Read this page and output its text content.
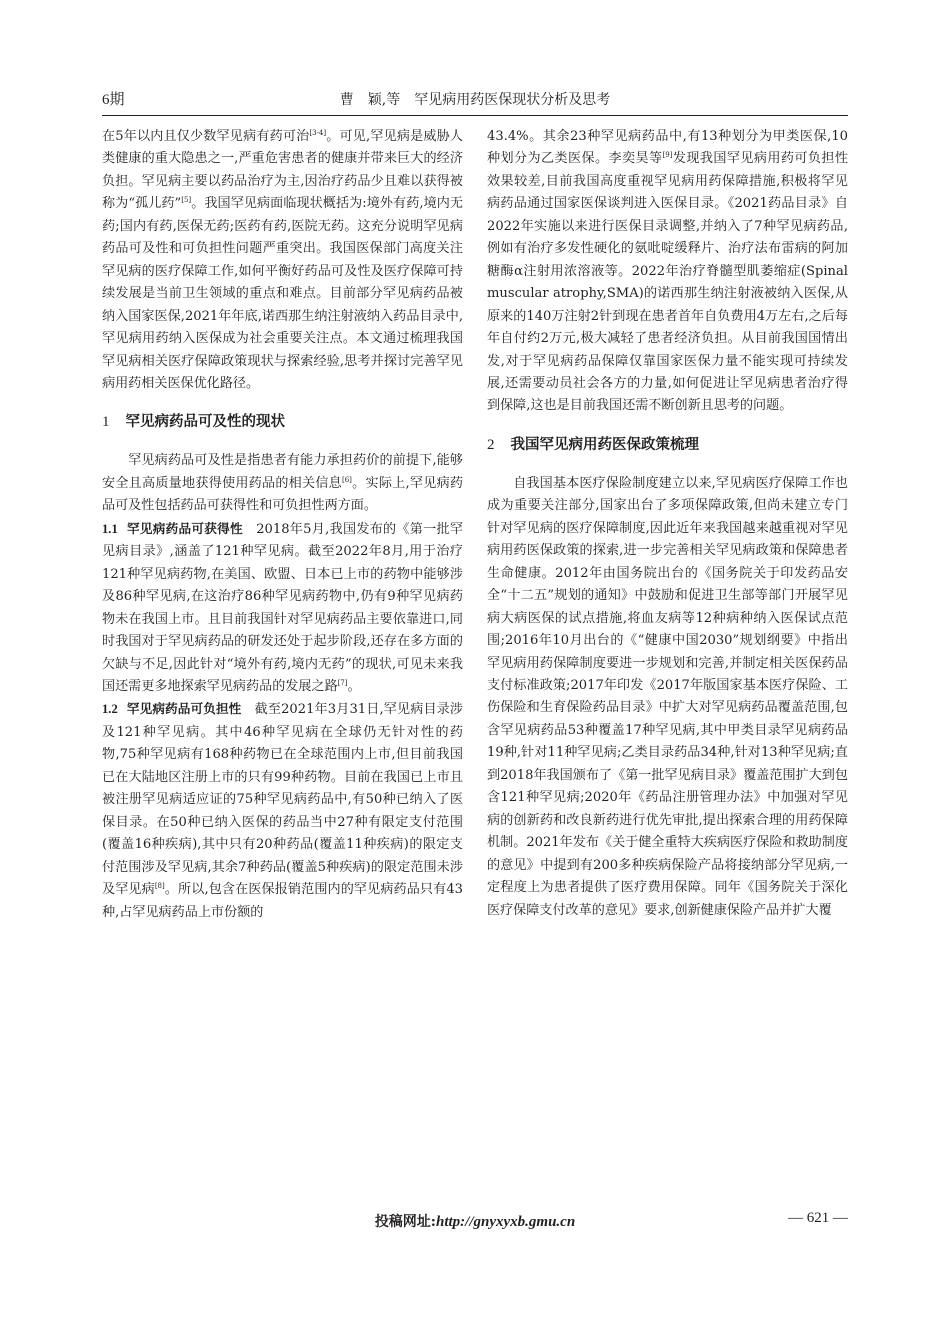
6期	曹　颖,等　罕见病用药医保现状分析及思考

在5年以内且仅少数罕见病有药可治[3-4]。可见,罕见病是威胁人类健康的重大隐患之一,严重危害患者的健康并带来巨大的经济负担。罕见病主要以药品治疗为主,因治疗药品少且难以获得被称为“孤儿药”[5]。我国罕见病面临现状概括为:境外有药,境内无药;国内有药,医保无药;医药有药,医院无药。这充分说明罕见病药品可及性和可负担性问题严重突出。我国医保部门高度关注罕见病的医疗保障工作,如何平衡好药品可及性及医疗保障可持续发展是当前卫生领域的重点和难点。目前部分罕见病药品被纳入国家医保,2021年年底,诺西那生纳注射液纳入药品目录中,罕见病用药纳入医保成为社会重要关注点。本文通过梳理我国罕见病相关医疗保障政策现状与探索经验,思考并探讨完善罕见病用药相关医保优化路径。

1 罕见病药品可及性的现状

罕见病药品可及性是指患者有能力承担药价的前提下,能够安全且高质量地获得使用药品的相关信息[6]。实际上,罕见病药品可及性包括药品可获得性和可负担性两方面。

1.1 罕见病药品可获得性　2018年5月,我国发布的《第一批罕见病目录》,涵盖了121种罕见病。截至2022年8月,用于治疗121种罕见病药物,在美国、欧盟、日本已上市的药物中能够涉及86种罕见病,在这治疗86种罕见病药物中,仍有9种罕见病药物未在我国上市。且目前我国针对罕见病药品主要依靠进口,同时我国对于罕见病药品的研发还处于起步阶段,还存在多方面的欠缺与不足,因此针对“境外有药,境内无药”的现状,可见未来我国还需更多地探索罕见病药品的发展之路[7]。

1.2 罕见病药品可负担性　截至2021年3月31日,罕见病目录涉及121种罕见病。其中46种罕见病在全球仍无针对性的药物,75种罕见病有168种药物已在全球范围内上市,但目前我国已在大陆地区注册上市的只有99种药物。目前在我国已上市且被注册罕见病适应证的75种罕见病药品中,有50种已纳入了医保目录。在50种已纳入医保的药品当中27种有限定支付范围(覆盖16种疾病),其中只有20种药品(覆盖11种疾病)的限定支付范围涉及罕见病,其余7种药品(覆盖5种疾病)的限定范围未涉及罕见病[8]。所以,包含在医保报销范围内的罕见病药品只有43种,占罕见病药品上市份额的

43.4%。其余23种罕见病药品中,有13种划分为甲类医保,10种划分为乙类医保。李奕昊等[9]发现我国罕见病用药可负担性效果较差,目前我国高度重视罕见病用药保障措施,积极将罕见病药品通过国家医保谈判进入医保目录。《2021药品目录》自2022年实施以来进行医保目录调整,并纳入了7种罕见病药品,例如有治疗多发性硬化的氨吡啶缓释片、治疗法布雷病的阿加糖酶α注射用浓溶液等。2022年治疗脊髓型肌萎缩症(Spinal muscular atrophy,SMA)的诺西那生纳注射液被纳入医保,从原来的140万注射2针到现在患者首年自负费用4万左右,之后每年自付约2万元,极大减轻了患者经济负担。从目前我国国情出发,对于罕见病药品保障仅靠国家医保力量不能实现可持续发展,还需要动员社会各方的力量,如何促进让罕见病患者治疗得到保障,这也是目前我国还需不断创新且思考的问题。

2 我国罕见病用药医保政策梳理

自我国基本医疗保险制度建立以来,罕见病医疗保障工作也成为重要关注部分,国家出台了多项保障政策,但尚未建立专门针对罕见病的医疗保障制度,因此近年来我国越来越重视对罕见病用药医保政策的探索,进一步完善相关罕见病政策和保障患者生命健康。2012年由国务院出台的《国务院关于印发药品安全“十二五”规划的通知》中鼓励和促进卫生部等部门开展罕见病大病医保的试点措施,将血友病等12种病种纳入医保试点范围;2016年10月出台的《“健康中国2030”规划纲要》中指出罕见病用药保障制度要进一步规划和完善,并制定相关医保药品支付标准政策;2017年印发《2017年版国家基本医疗保险、工伤保险和生育保险药品目录》中扩大对罕见病药品覆盖范围,包含罕见病药品53种覆盖17种罕见病,其中甲类目录罕见病药品19种,针对11种罕见病;乙类目录药品34种,针对13种罕见病;直到2018年我国颁布了《第一批罕见病目录》覆盖范围扩大到包含121种罕见病;2020年《药品注册管理办法》中加强对罕见病的创新药和改良新药进行优先审批,提出探索合理的用药保障机制。2021年发布《关于健全重特大疾病医疗保险和救助制度的意见》中提到有200多种疾病保险产品将接纳部分罕见病,一定程度上为患者提供了医疗费用保障。同年《国务院关于深化医疗保障支付改革的意见》要求,创新健康保险产品并扩大覆

投稿网址:http://gnyxyxb.gmu.cn	— 621 —
